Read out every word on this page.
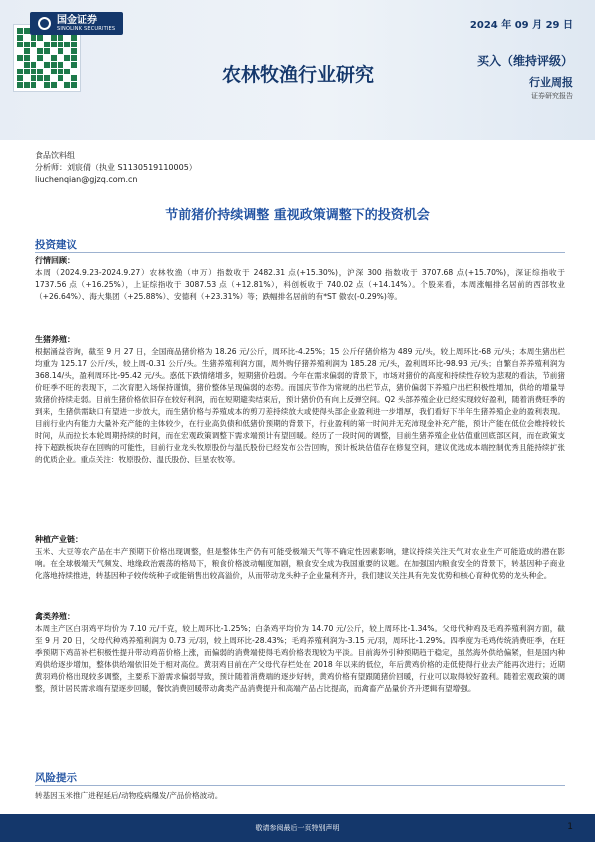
国金证券
SINOLINK SECURITIES	2024 年 09 月 29 日
农林牧渔行业研究
买入（维持评级）
行业周报
证券研究报告
食品饮料组
分析师：刘宸倩（执业 S1130519110005）
liuchenqian@gjzq.com.cn
节前猪价持续调整 重视政策调整下的投资机会
投资建议
行情回顾：
本周（2024.9.23-2024.9.27）农林牧渔（申万）指数收于 2482.31 点(+15.30%)，沪深 300 指数收于 3707.68 点(+15.70%)，深证综指收于 1737.56 点（+16.25%），上证综指收于 3087.53 点（+12.81%），科创板收于 740.02 点（+14.14%）。个股来看，本周涨幅排名居前的西部牧业（+26.64%）、海大集团（+25.88%）、安德利（+23.31%）等；跌幅排名居前的有*ST 傲农(-0.29%)等。
生猪养殖：
根据涌益咨询，截至 9 月 27 日，全国商品猪价格为 18.26 元/公斤，周环比-4.25%；15 公斤仔猪价格为 489 元/头，较上周环比-68 元/头；本周生猪出栏均重为 125.17 公斤/头，较上周-0.31 公斤/头。生猪养殖利润方面，周外购仔猪养殖利润为 185.28 元/头，盈利周环比-98.93 元/头；自繁自养养殖利润为 368.14/头，盈利周环比-95.42 元/头。惑低下跌情绪增多，短期猪价趋弱。今年在需求偏弱的背景下，市场对猪价的高度和持续性存较为悲观的看法，节前猪价旺季不旺的表现下，二次育肥入场保持谨慎，猪价整体呈现偏弱的态势。而国庆节作为常规的出栏节点，猪价偏弱下养殖户出栏积极性增加，供给的增量导致猪价持续走弱。目前生猪价格依旧存在较好利润，而在短期避卖结束后，预计猪价仍有向上反弹空间。Q2 头部养殖企业已经实现较好盈利，随着消费旺季的到来，生猪供需缺口有望进一步放大，而生猪价格与养殖成本的剪刀差持续放大或使得头部企业盈利进一步增厚，我们看好下半年生猪养殖企业的盈利表现。目前行业内有能力大量补充产能的主体较少，在行业高负债和低猪价预期的背景下，行业盈利的第一时间并无充沛现金补充产能，预计产能在低位会维持较长时间，从而拉长本轮周期持续的时间，而在宏观政策调整下需求端预计有望回暖。经历了一段时间的调整，目前生猪养殖企业估值重回底部区间，而在政策支持下超跌板块存在回购的可能性，目前行业龙头牧原股份与温氏股份已经发布公告回购，预计板块估值存在修复空间，建议优选成本端控制优秀且能持续扩张的优质企业。重点关注：牧原股份、温氏股份、巨星农牧等。
种植产业链：
玉米、大豆等农产品在丰产预期下价格出现调整，但是整体生产仍有可能受极端天气等不确定性因素影响，建议持续关注天气对农业生产可能造成的潜在影响。在全球极端天气频发、地缘政治震荡的格局下，粮食价格波动幅度加剧，粮食安全成为我国重要的议题。在加强国内粮食安全的背景下，转基因种子商业化落地持续推进，转基因种子较传统种子或能销售出较高溢价，从而带动龙头种子企业量利齐升，我们建议关注具有先发优势和核心育种优势的龙头种企。
禽类养殖：
本周主产区白羽鸡平均价为 7.10 元/千克，较上周环比-1.25%；白条鸡平均价为 14.70 元/公斤，较上周环比-1.34%。父母代种鸡及毛鸡养殖利润方面，截至 9 月 20 日，父母代种鸡养殖利润为 0.73 元/羽，较上周环比-28.43%；毛鸡养殖利润为-3.15 元/羽，周环比-1.29%。四季度为毛鸡传统消费旺季，在旺季预期下鸡苗补栏积极性提升带动鸡苗价格上涨，而偏弱的消费端使得毛鸡价格表现较为平淡。目前海外引种预期趋于稳定，虽然海外供给偏紧，但是国内种鸡供给逐步增加，整体供给端依旧处于相对高位。黄羽鸡目前在产父母代存栏处在 2018 年以来的低位，年后黄鸡价格的走低使得行业去产能再次进行；近期黄羽鸡价格出现较多调整，主要系下游需求偏弱导致，预计随着消费端的逐步好转，黄鸡价格有望跟随猪价回暖，行业可以取得较好盈利。随着宏观政策的调整，预计居民需求端有望逐步回暖，餐饮消费回暖带动禽类产品消费提升和高端产品占比提高，而禽畜产品量价齐升逻辑有望增强。
风险提示
转基因玉米推广进程延后/动物疫病爆发/产品价格波动。
敬请参阅最后一页特别声明	1
